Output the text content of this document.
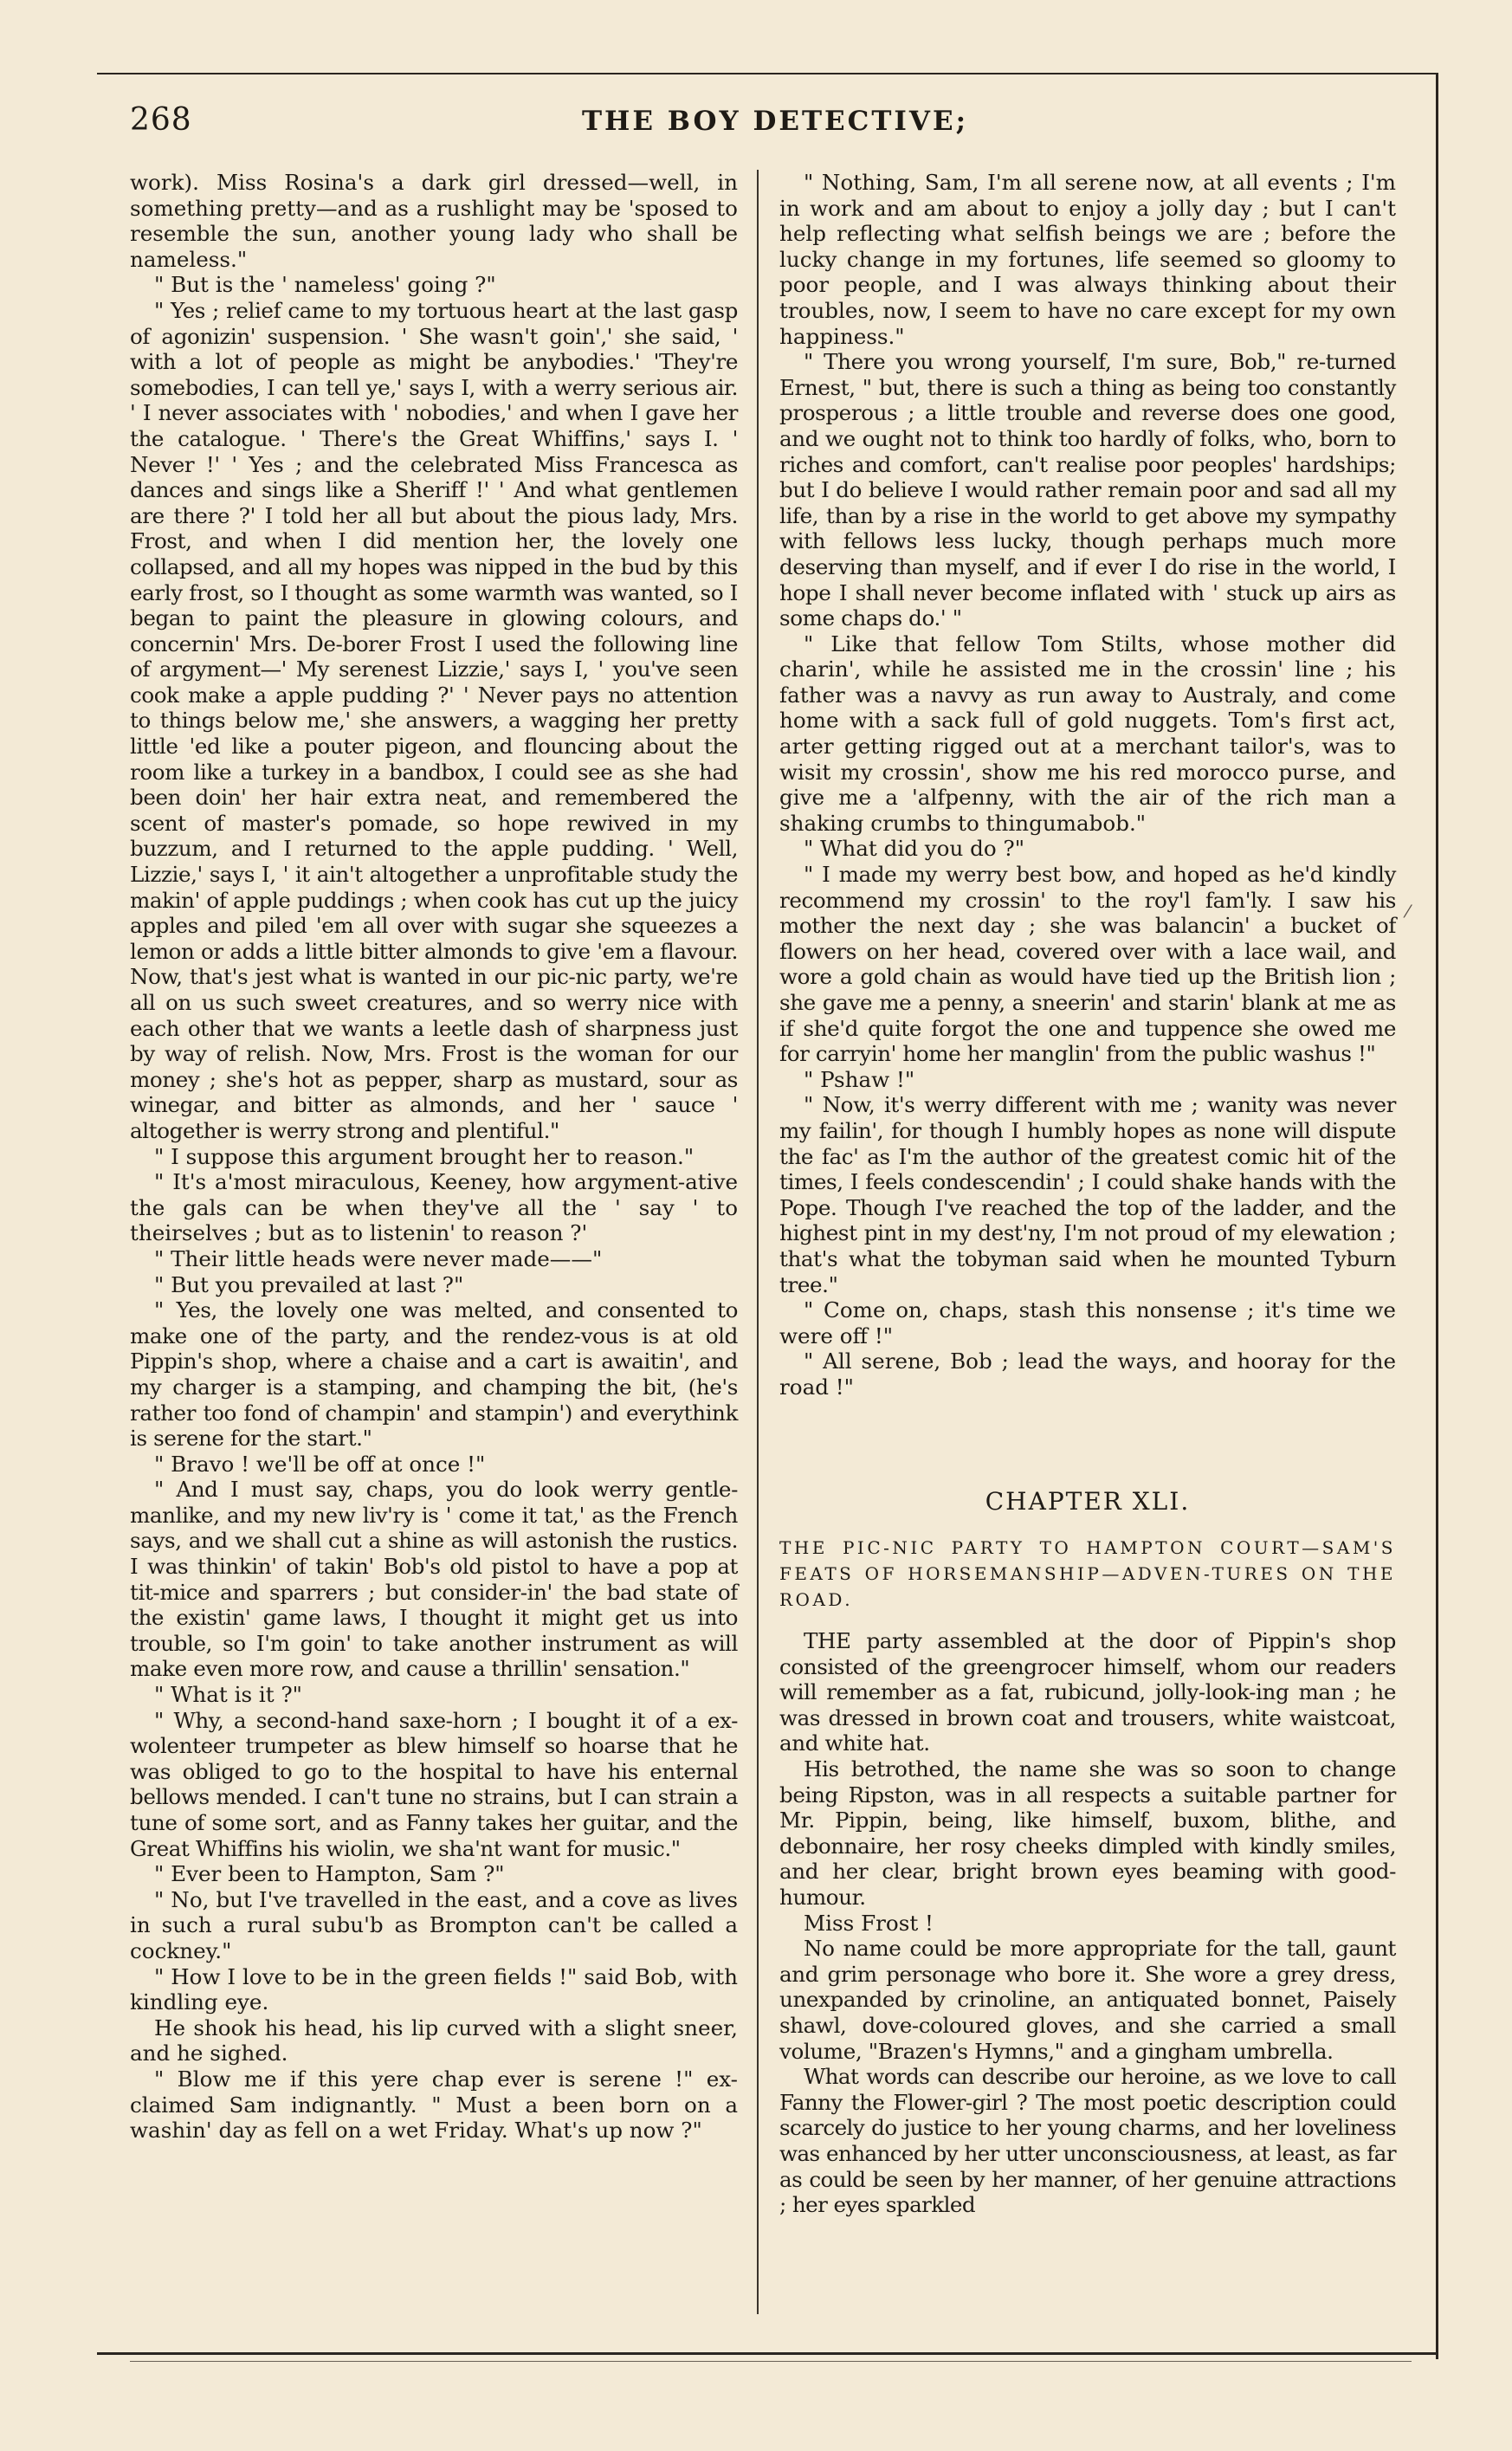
268	THE BOY DETECTIVE;

work). Miss Rosina's a dark girl dressed—well, in something pretty—and as a rushlight may be 'sposed to resemble the sun, another young lady who shall be nameless."

" But is the ' nameless' going ?"

" Yes ; relief came to my tortuous heart at the last gasp of agonizin' suspension. ' She wasn't goin',' she said, ' with a lot of people as might be anybodies.' 'They're somebodies, I can tell ye,' says I, with a werry serious air. ' I never associates with ' nobodies,' and when I gave her the catalogue. ' There's the Great Whiffins,' says I. ' Never !' ' Yes ; and the celebrated Miss Francesca as dances and sings like a Sheriff !' ' And what gentlemen are there ?' I told her all but about the pious lady, Mrs. Frost, and when I did mention her, the lovely one collapsed, and all my hopes was nipped in the bud by this early frost, so I thought as some warmth was wanted, so I began to paint the pleasure in glowing colours, and concernin' Mrs. De-borer Frost I used the following line of argyment—' My serenest Lizzie,' says I, ' you've seen cook make a apple pudding ?' ' Never pays no attention to things below me,' she answers, a wagging her pretty little 'ed like a pouter pigeon, and flouncing about the room like a turkey in a bandbox, I could see as she had been doin' her hair extra neat, and remembered the scent of master's pomade, so hope rewived in my buzzum, and I returned to the apple pudding. ' Well, Lizzie,' says I, ' it ain't altogether a unprofitable study the makin' of apple puddings ; when cook has cut up the juicy apples and piled 'em all over with sugar she squeezes a lemon or adds a little bitter almonds to give 'em a flavour. Now, that's jest what is wanted in our pic-nic party, we're all on us such sweet creatures, and so werry nice with each other that we wants a leetle dash of sharpness just by way of relish. Now, Mrs. Frost is the woman for our money ; she's hot as pepper, sharp as mustard, sour as winegar, and bitter as almonds, and her ' sauce ' altogether is werry strong and plentiful."

" I suppose this argument brought her to reason."

" It's a'most miraculous, Keeney, how argyment-ative the gals can be when they've all the ' say ' to theirselves ; but as to listenin' to reason ?'

" Their little heads were never made——"

" But you prevailed at last ?"

" Yes, the lovely one was melted, and consented to make one of the party, and the rendez-vous is at old Pippin's shop, where a chaise and a cart is awaitin', and my charger is a stamping, and champing the bit, (he's rather too fond of champin' and stampin') and everythink is serene for the start."

" Bravo ! we'll be off at once !"

" And I must say, chaps, you do look werry gentle-manlike, and my new liv'ry is ' come it tat,' as the French says, and we shall cut a shine as will astonish the rustics. I was thinkin' of takin' Bob's old pistol to have a pop at tit-mice and sparrers ; but consider-in' the bad state of the existin' game laws, I thought it might get us into trouble, so I'm goin' to take another instrument as will make even more row, and cause a thrillin' sensation."

" What is it ?"

" Why, a second-hand saxe-horn ; I bought it of a ex-wolenteer trumpeter as blew himself so hoarse that he was obliged to go to the hospital to have his enternal bellows mended. I can't tune no strains, but I can strain a tune of some sort, and as Fanny takes her guitar, and the Great Whiffins his wiolin, we sha'nt want for music."

" Ever been to Hampton, Sam ?"

" No, but I've travelled in the east, and a cove as lives in such a rural subu'b as Brompton can't be called a cockney."

" How I love to be in the green fields !" said Bob, with kindling eye.

He shook his head, his lip curved with a slight sneer, and he sighed.

" Blow me if this yere chap ever is serene !" ex-claimed Sam indignantly. " Must a been born on a washin' day as fell on a wet Friday. What's up now ?"

" Nothing, Sam, I'm all serene now, at all events ; I'm in work and am about to enjoy a jolly day ; but I can't help reflecting what selfish beings we are ; before the lucky change in my fortunes, life seemed so gloomy to poor people, and I was always thinking about their troubles, now, I seem to have no care except for my own happiness."

" There you wrong yourself, I'm sure, Bob," re-turned Ernest, " but, there is such a thing as being too constantly prosperous ; a little trouble and reverse does one good, and we ought not to think too hardly of folks, who, born to riches and comfort, can't realise poor peoples' hardships; but I do believe I would rather remain poor and sad all my life, than by a rise in the world to get above my sympathy with fellows less lucky, though perhaps much more deserving than myself, and if ever I do rise in the world, I hope I shall never become inflated with ' stuck up airs as some chaps do.' "

" Like that fellow Tom Stilts, whose mother did charin', while he assisted me in the crossin' line ; his father was a navvy as run away to Australy, and come home with a sack full of gold nuggets. Tom's first act, arter getting rigged out at a merchant tailor's, was to wisit my crossin', show me his red morocco purse, and give me a 'alfpenny, with the air of the rich man a shaking crumbs to thingumabob."

" What did you do ?"

" I made my werry best bow, and hoped as he'd kindly recommend my crossin' to the roy'l fam'ly. I saw his mother the next day ; she was balancin' a bucket of flowers on her head, covered over with a lace wail, and wore a gold chain as would have tied up the British lion ; she gave me a penny, a sneerin' and starin' blank at me as if she'd quite forgot the one and tuppence she owed me for carryin' home her manglin' from the public washus !"

" Pshaw !"

" Now, it's werry different with me ; wanity was never my failin', for though I humbly hopes as none will dispute the fac' as I'm the author of the greatest comic hit of the times, I feels condescendin' ; I could shake hands with the Pope. Though I've reached the top of the ladder, and the highest pint in my dest'ny, I'm not proud of my elewation ; that's what the tobyman said when he mounted Tyburn tree."

" Come on, chaps, stash this nonsense ; it's time we were off !"

" All serene, Bob ; lead the ways, and hooray for the road !"

CHAPTER XLI.
THE PIC-NIC PARTY TO HAMPTON COURT—SAM'S FEATS OF HORSEMANSHIP—ADVEN-TURES ON THE ROAD.

THE party assembled at the door of Pippin's shop consisted of the greengrocer himself, whom our readers will remember as a fat, rubicund, jolly-look-ing man ; he was dressed in brown coat and trousers, white waistcoat, and white hat.

His betrothed, the name she was so soon to change being Ripston, was in all respects a suitable partner for Mr. Pippin, being, like himself, buxom, blithe, and debonnaire, her rosy cheeks dimpled with kindly smiles, and her clear, bright brown eyes beaming with good-humour.

Miss Frost !

No name could be more appropriate for the tall, gaunt and grim personage who bore it. She wore a grey dress, unexpanded by crinoline, an antiquated bonnet, Paisely shawl, dove-coloured gloves, and she carried a small volume, "Brazen's Hymns," and a gingham umbrella.

What words can describe our heroine, as we love to call Fanny the Flower-girl ? The most poetic description could scarcely do justice to her young charms, and her loveliness was enhanced by her utter unconsciousness, at least, as far as could be seen by her manner, of her genuine attractions ; her eyes sparkled

⁄
